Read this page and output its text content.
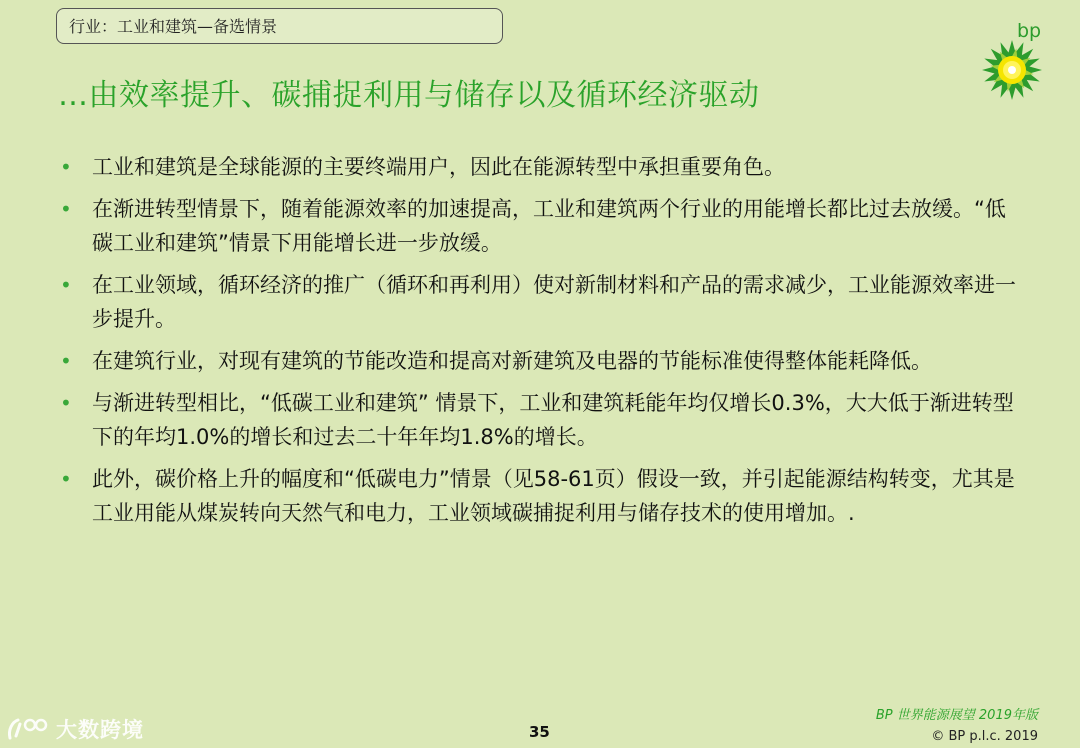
行业：工业和建筑—备选情景
…由效率提升、碳捕捉利用与储存以及循环经济驱动
bp
• 工业和建筑是全球能源的主要终端用户，因此在能源转型中承担重要角色。
• 在渐进转型情景下，随着能源效率的加速提高，工业和建筑两个行业的用能增长都比过去放缓。“低碳工业和建筑”情景下用能增长进一步放缓。
• 在工业领域，循环经济的推广（循环和再利用）使对新制材料和产品的需求减少，工业能源效率进一步提升。
• 在建筑行业，对现有建筑的节能改造和提高对新建筑及电器的节能标准使得整体能耗降低。
• 与渐进转型相比，“低碳工业和建筑” 情景下，工业和建筑耗能年均仅增长0.3%，大大低于渐进转型下的年均1.0%的增长和过去二十年年均1.8%的增长。
• 此外，碳价格上升的幅度和“低碳电力”情景（见58-61页）假设一致，并引起能源结构转变，尤其是工业用能从煤炭转向天然气和电力，工业领域碳捕捉利用与储存技术的使用增加。.
大数跨境	35
BP 世界能源展望 2019年版
© BP p.l.c. 2019
